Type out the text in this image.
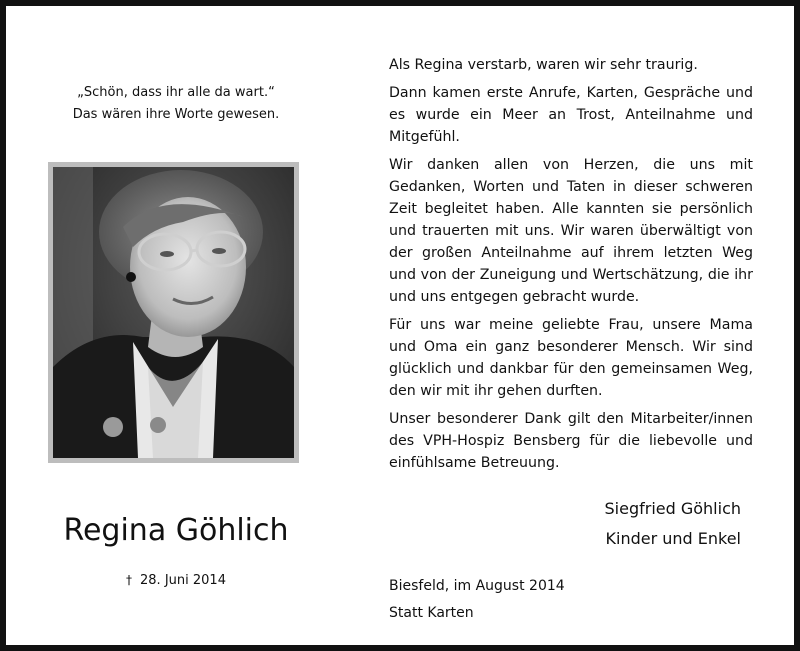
„Schön, dass ihr alle da wart.“
Das wären ihre Worte gewesen.
Regina Göhlich
† 28. Juni 2014

Als Regina verstarb, waren wir sehr traurig.

Dann kamen erste Anrufe, Karten, Gespräche und es wurde ein Meer an Trost, Anteilnahme und Mitgefühl.

Wir danken allen von Herzen, die uns mit Gedanken, Worten und Taten in dieser schweren Zeit begleitet haben. Alle kannten sie persönlich und trauerten mit uns. Wir waren überwältigt von der großen Anteilnahme auf ihrem letzten Weg und von der Zuneigung und Wertschätzung, die ihr und uns entgegen gebracht wurde.

Für uns war meine geliebte Frau, unsere Mama und Oma ein ganz besonderer Mensch. Wir sind glücklich und dankbar für den gemeinsamen Weg, den wir mit ihr gehen durften.

Unser besonderer Dank gilt den Mitarbeiter/innen des VPH-Hospiz Bensberg für die liebevolle und einfühlsame Betreuung.

Siegfried Göhlich
Kinder und Enkel
Biesfeld, im August 2014
Statt Karten
